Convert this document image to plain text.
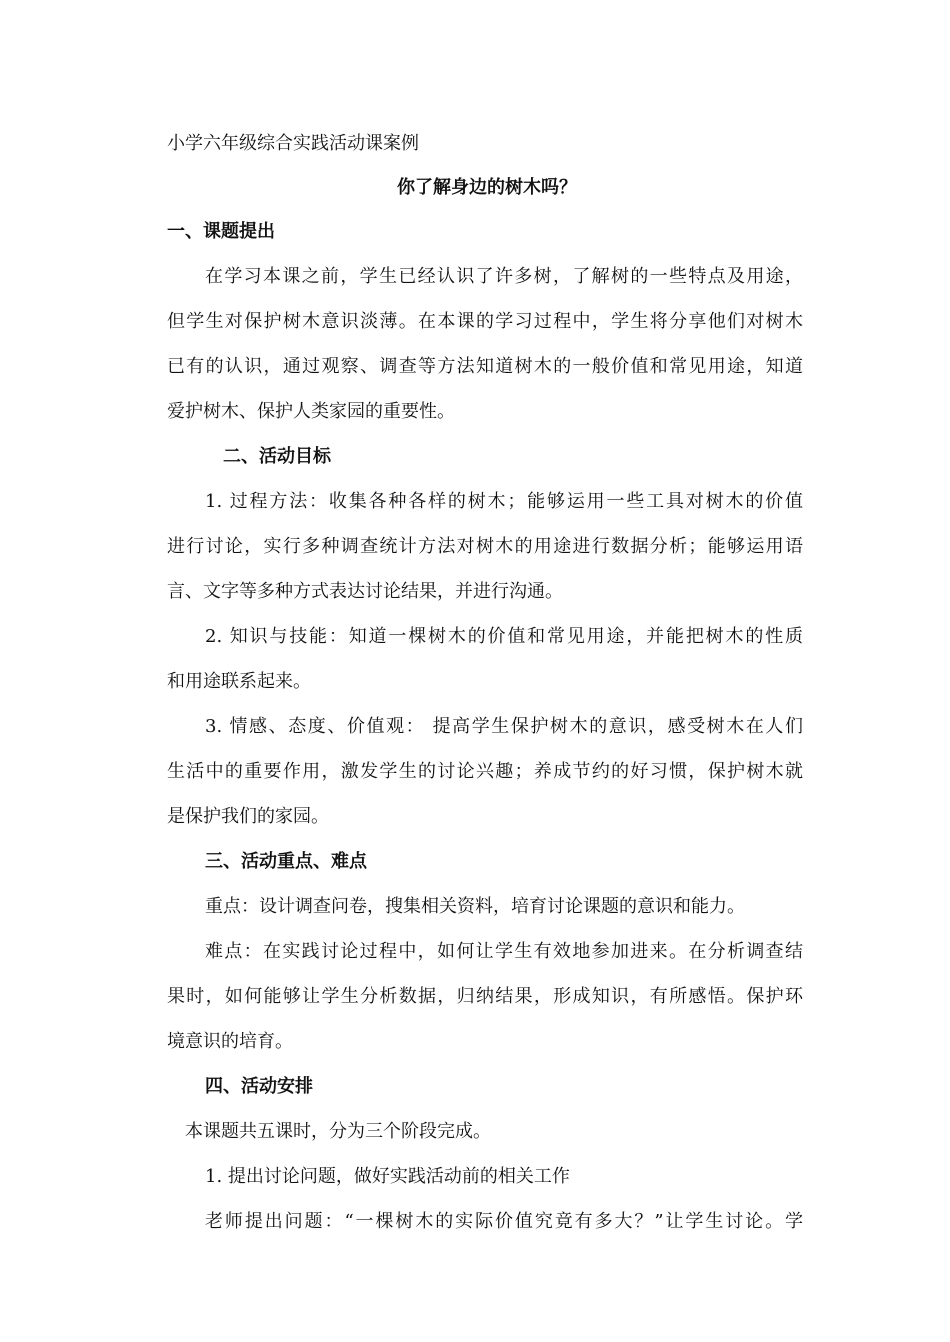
小学六年级综合实践活动课案例
你了解身边的树木吗？
一、课题提出
在学习本课之前，学生已经认识了许多树，了解树的一些特点及用途，
但学生对保护树木意识淡薄。在本课的学习过程中，学生将分享他们对树木
已有的认识，通过观察、调查等方法知道树木的一般价值和常见用途，知道
爱护树木、保护人类家园的重要性。
二、活动目标
1. 过程方法：收集各种各样的树木；能够运用一些工具对树木的价值
进行讨论，实行多种调查统计方法对树木的用途进行数据分析；能够运用语
言、文字等多种方式表达讨论结果，并进行沟通。
2. 知识与技能：知道一棵树木的价值和常见用途，并能把树木的性质
和用途联系起来。
3. 情感、态度、价值观： 提高学生保护树木的意识，感受树木在人们
生活中的重要作用，激发学生的讨论兴趣；养成节约的好习惯，保护树木就
是保护我们的家园。
三、活动重点、难点
重点：设计调查问卷，搜集相关资料，培育讨论课题的意识和能力。
难点：在实践讨论过程中，如何让学生有效地参加进来。在分析调查结
果时，如何能够让学生分析数据，归纳结果，形成知识，有所感悟。保护环
境意识的培育。
四、活动安排
本课题共五课时，分为三个阶段完成。
1. 提出讨论问题，做好实践活动前的相关工作
老师提出问题：“一棵树木的实际价值究竟有多大？”让学生讨论。学
